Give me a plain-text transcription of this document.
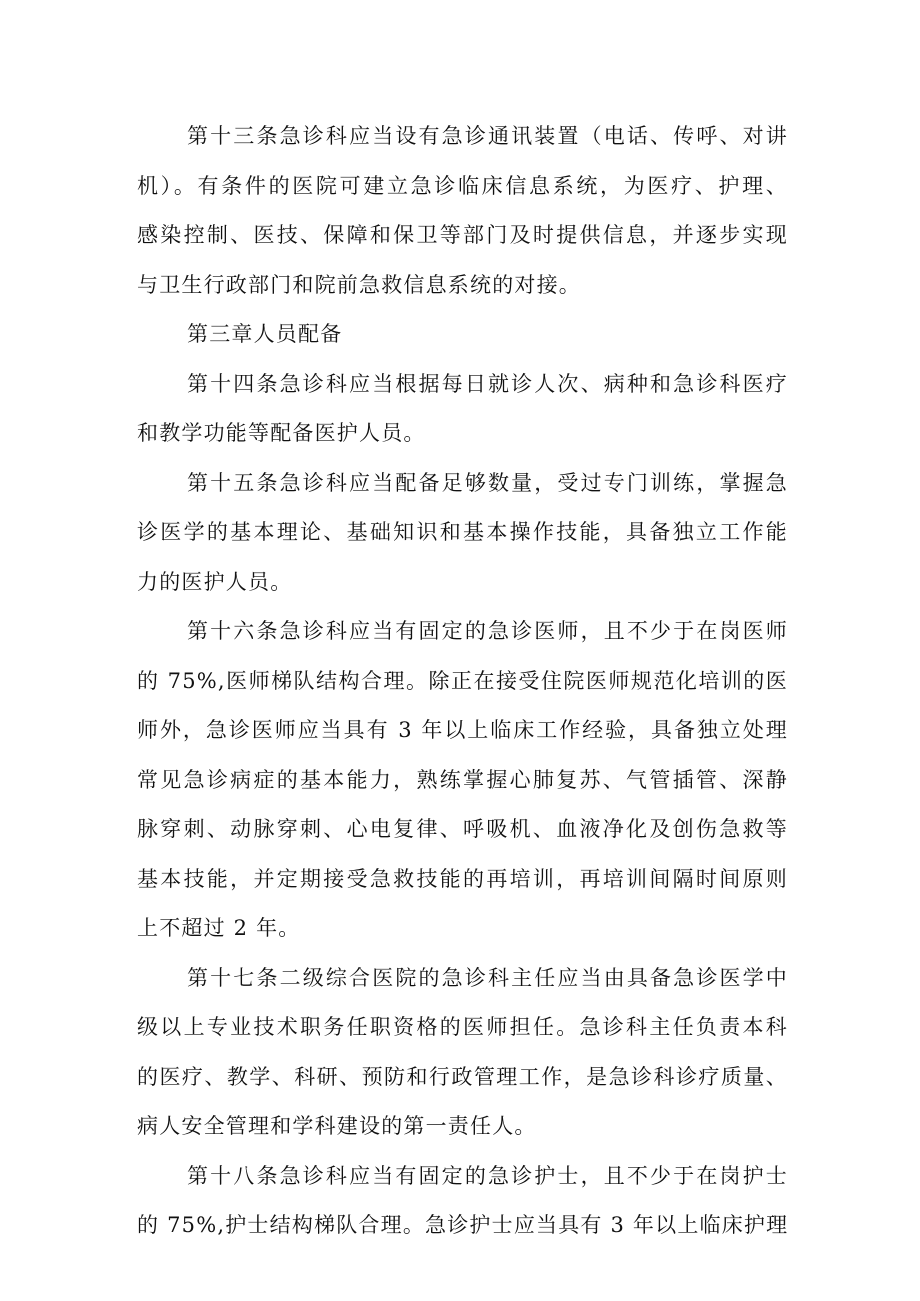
第十三条急诊科应当设有急诊通讯装置（电话、传呼、对讲
机）。有条件的医院可建立急诊临床信息系统，为医疗、护理、
感染控制、医技、保障和保卫等部门及时提供信息，并逐步实现
与卫生行政部门和院前急救信息系统的对接。

第三章人员配备

第十四条急诊科应当根据每日就诊人次、病种和急诊科医疗
和教学功能等配备医护人员。

第十五条急诊科应当配备足够数量，受过专门训练，掌握急
诊医学的基本理论、基础知识和基本操作技能，具备独立工作能
力的医护人员。

第十六条急诊科应当有固定的急诊医师，且不少于在岗医师
的 75%,医师梯队结构合理。除正在接受住院医师规范化培训的医
师外，急诊医师应当具有 3 年以上临床工作经验，具备独立处理
常见急诊病症的基本能力，熟练掌握心肺复苏、气管插管、深静
脉穿刺、动脉穿刺、心电复律、呼吸机、血液净化及创伤急救等
基本技能，并定期接受急救技能的再培训，再培训间隔时间原则
上不超过 2 年。

第十七条二级综合医院的急诊科主任应当由具备急诊医学中
级以上专业技术职务任职资格的医师担任。急诊科主任负责本科
的医疗、教学、科研、预防和行政管理工作，是急诊科诊疗质量、
病人安全管理和学科建设的第一责任人。

第十八条急诊科应当有固定的急诊护士，且不少于在岗护士
的 75%,护士结构梯队合理。急诊护士应当具有 3 年以上临床护理
